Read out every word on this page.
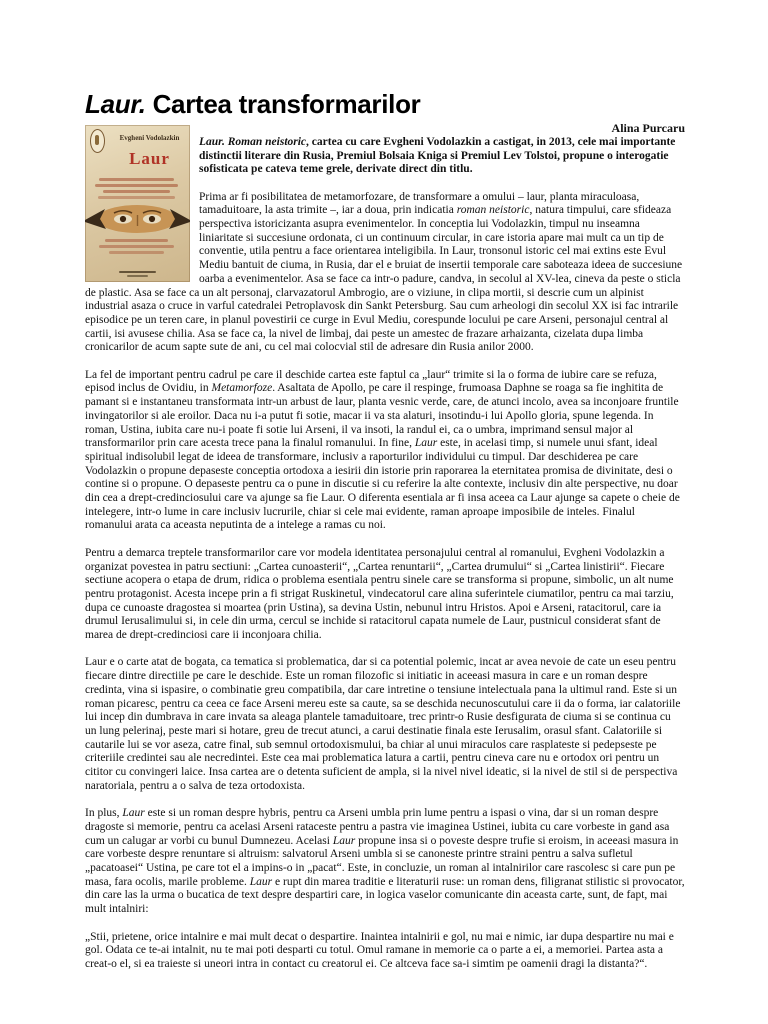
Laur. Cartea transformarilor
Evgheni Vodolazkin
Laur
Alina Purcaru

Laur. Roman neistoric, cartea cu care Evgheni Vodolazkin a castigat, in 2013, cele mai importante distinctii literare din Rusia, Premiul Bolsaia Kniga si Premiul Lev Tolstoi, propune o interogatie sofisticata pe cateva teme grele, derivate direct din titlu.

Prima ar fi posibilitatea de metamorfozare, de transformare a omului – laur, planta miraculoasa, tamaduitoare, la asta trimite –, iar a doua, prin indicatia roman neistoric, natura timpului, care sfideaza perspectiva istoricizanta asupra evenimentelor. In conceptia lui Vodolazkin, timpul nu inseamna liniaritate si succesiune ordonata, ci un continuum circular, in care istoria apare mai mult ca un tip de conventie, utila pentru a face orientarea inteligibila. In Laur, tronsonul istoric cel mai extins este Evul Mediu bantuit de ciuma, in Rusia, dar el e bruiat de insertii temporale care saboteaza ideea de succesiune oarba a evenimentelor. Asa se face ca intr-o padure, candva, in secolul al XV-lea, cineva da peste o sticla de plastic. Asa se face ca un alt personaj, clarvazatorul Ambrogio, are o viziune, in clipa mortii, si descrie cum un alpinist industrial asaza o cruce in varful catedralei Petroplavosk din Sankt Petersburg. Sau cum arheologi din secolul XX isi fac intrarile episodice pe un teren care, in planul povestirii ce curge in Evul Mediu, corespunde locului pe care Arseni, personajul central al cartii, isi avusese chilia. Asa se face ca, la nivel de limbaj, dai peste un amestec de frazare arhaizanta, cizelata dupa limba cronicarilor de acum sapte sute de ani, cu cel mai colocvial stil de adresare din Rusia anilor 2000.

La fel de important pentru cadrul pe care il deschide cartea este faptul ca „laur“ trimite si la o forma de iubire care se refuza, episod inclus de Ovidiu, in Metamorfoze. Asaltata de Apollo, pe care il respinge, frumoasa Daphne se roaga sa fie inghitita de pamant si e instantaneu transformata intr-un arbust de laur, planta vesnic verde, care, de atunci incolo, avea sa inconjoare fruntile invingatorilor si ale eroilor. Daca nu i-a putut fi sotie, macar ii va sta alaturi, insotindu-i lui Apollo gloria, spune legenda. In roman, Ustina, iubita care nu-i poate fi sotie lui Arseni, il va insoti, la randul ei, ca o umbra, imprimand sensul major al transformarilor prin care acesta trece pana la finalul romanului. In fine, Laur este, in acelasi timp, si numele unui sfant, ideal spiritual indisolubil legat de ideea de transformare, inclusiv a raporturilor individului cu timpul. Dar deschiderea pe care Vodolazkin o propune depaseste conceptia ortodoxa a iesirii din istorie prin raporarea la eternitatea promisa de divinitate, desi o contine si o propune. O depaseste pentru ca o pune in discutie si cu referire la alte contexte, inclusiv din alte perspective, nu doar din cea a drept-credinciosului care va ajunge sa fie Laur. O diferenta esentiala ar fi insa aceea ca Laur ajunge sa capete o cheie de intelegere, intr-o lume in care inclusiv lucrurile, chiar si cele mai evidente, raman aproape imposibile de inteles. Finalul romanului arata ca aceasta neputinta de a intelege a ramas cu noi.

Pentru a demarca treptele transformarilor care vor modela identitatea personajului central al romanului, Evgheni Vodolazkin a organizat povestea in patru sectiuni: „Cartea cunoasterii“, „Cartea renuntarii“, „Cartea drumului“ si „Cartea linistirii“. Fiecare sectiune acopera o etapa de drum, ridica o problema esentiala pentru sinele care se transforma si propune, simbolic, un alt nume pentru protagonist. Acesta incepe prin a fi strigat Ruskinetul, vindecatorul care alina suferintele ciumatilor, pentru ca mai tarziu, dupa ce cunoaste dragostea si moartea (prin Ustina), sa devina Ustin, nebunul intru Hristos. Apoi e Arseni, ratacitorul, care ia drumul Ierusalimului si, in cele din urma, cercul se inchide si ratacitorul capata numele de Laur, pustnicul considerat sfant de marea de drept-credinciosi care ii inconjoara chilia.

Laur e o carte atat de bogata, ca tematica si problematica, dar si ca potential polemic, incat ar avea nevoie de cate un eseu pentru fiecare dintre directiile pe care le deschide. Este un roman filozofic si initiatic in aceeasi masura in care e un roman despre credinta, vina si ispasire, o combinatie greu compatibila, dar care intretine o tensiune intelectuala pana la ultimul rand. Este si un roman picaresc, pentru ca ceea ce face Arseni mereu este sa caute, sa se deschida necunoscutului care ii da o forma, iar calatoriile lui incep din dumbrava in care invata sa aleaga plantele tamaduitoare, trec printr-o Rusie desfigurata de ciuma si se continua cu un lung pelerinaj, peste mari si hotare, greu de trecut atunci, a carui destinatie finala este Ierusalim, orasul sfant. Calatoriile si cautarile lui se vor aseza, catre final, sub semnul ortodoxismului, ba chiar al unui miraculos care rasplateste si pedepseste pe criteriile credintei sau ale necredintei. Este cea mai problematica latura a cartii, pentru cineva care nu e ortodox ori pentru un cititor cu convingeri laice. Insa cartea are o detenta suficient de ampla, si la nivel nivel ideatic, si la nivel de stil si de perspectiva naratoriala, pentru a o salva de teza ortodoxista.

In plus, Laur este si un roman despre hybris, pentru ca Arseni umbla prin lume pentru a ispasi o vina, dar si un roman despre dragoste si memorie, pentru ca acelasi Arseni rataceste pentru a pastra vie imaginea Ustinei, iubita cu care vorbeste in gand asa cum un calugar ar vorbi cu bunul Dumnezeu. Acelasi Laur propune insa si o poveste despre trufie si eroism, in aceeasi masura in care vorbeste despre renuntare si altruism: salvatorul Arseni umbla si se canoneste printre straini pentru a salva sufletul „pacatoasei“ Ustina, pe care tot el a impins-o in „pacat“. Este, in concluzie, un roman al intalnirilor care rascolesc si care pun pe masa, fara ocolis, marile probleme. Laur e rupt din marea traditie e literaturii ruse: un roman dens, filigranat stilistic si provocator, din care las la urma o bucatica de text despre despartiri care, in logica vaselor comunicante din aceasta carte, sunt, de fapt, mai mult intalniri:

„Stii, prietene, orice intalnire e mai mult decat o despartire. Inaintea intalnirii e gol, nu mai e nimic, iar dupa despartire nu mai e gol. Odata ce te-ai intalnit, nu te mai poti desparti cu totul. Omul ramane in memorie ca o parte a ei, a memoriei. Partea asta a creat-o el, si ea traieste si uneori intra in contact cu creatorul ei. Ce altceva face sa-i simtim pe oamenii dragi la distanta?“.
